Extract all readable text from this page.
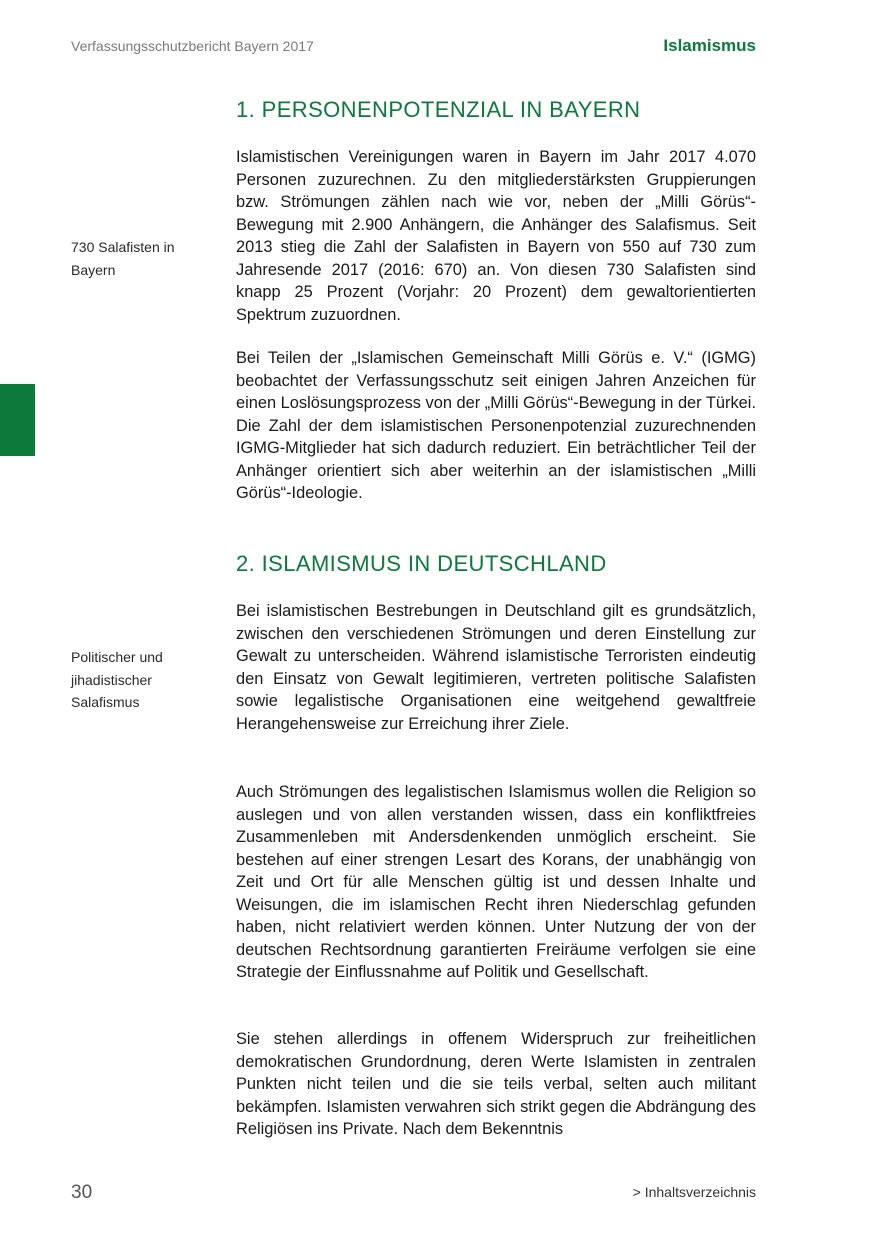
Verfassungsschutzbericht Bayern 2017	Islamismus
730 Salafisten in Bayern
Politischer und jihadistischer Salafismus
1. PERSONENPOTENZIAL IN BAYERN

Islamistischen Vereinigungen waren in Bayern im Jahr 2017 4.070 Personen zuzurechnen. Zu den mitgliederstärksten Gruppierungen bzw. Strömungen zählen nach wie vor, neben der „Milli Görüs“-Bewegung mit 2.900 Anhängern, die Anhänger des Salafismus. Seit 2013 stieg die Zahl der Salafisten in Bayern von 550 auf 730 zum Jahresende 2017 (2016: 670) an. Von diesen 730 Salafisten sind knapp 25 Prozent (Vorjahr: 20 Prozent) dem gewaltorientierten Spektrum zuzuordnen.

Bei Teilen der „Islamischen Gemeinschaft Milli Görüs e. V.“ (IGMG) beobachtet der Verfassungsschutz seit einigen Jahren Anzeichen für einen Loslösungsprozess von der „Milli Görüs“-Bewegung in der Türkei. Die Zahl der dem islamistischen Personenpotenzial zuzurechnenden IGMG-Mitglieder hat sich dadurch reduziert. Ein beträchtlicher Teil der Anhänger orientiert sich aber weiterhin an der islamistischen „Milli Görüs“-Ideologie.

2. ISLAMISMUS IN DEUTSCHLAND

Bei islamistischen Bestrebungen in Deutschland gilt es grundsätzlich, zwischen den verschiedenen Strömungen und deren Einstellung zur Gewalt zu unterscheiden. Während islamistische Terroristen eindeutig den Einsatz von Gewalt legitimieren, vertreten politische Salafisten sowie legalistische Organisationen eine weitgehend gewaltfreie Herangehensweise zur Erreichung ihrer Ziele.

Auch Strömungen des legalistischen Islamismus wollen die Religion so auslegen und von allen verstanden wissen, dass ein konfliktfreies Zusammenleben mit Andersdenkenden unmöglich erscheint. Sie bestehen auf einer strengen Lesart des Korans, der unabhängig von Zeit und Ort für alle Menschen gültig ist und dessen Inhalte und Weisungen, die im islamischen Recht ihren Niederschlag gefunden haben, nicht relativiert werden können. Unter Nutzung der von der deutschen Rechtsordnung garantierten Freiräume verfolgen sie eine Strategie der Einflussnahme auf Politik und Gesellschaft.

Sie stehen allerdings in offenem Widerspruch zur freiheitlichen demokratischen Grundordnung, deren Werte Islamisten in zentralen Punkten nicht teilen und die sie teils verbal, selten auch militant bekämpfen. Islamisten verwahren sich strikt gegen die Abdrängung des Religiösen ins Private. Nach dem Bekenntnis

30	> Inhaltsverzeichnis
